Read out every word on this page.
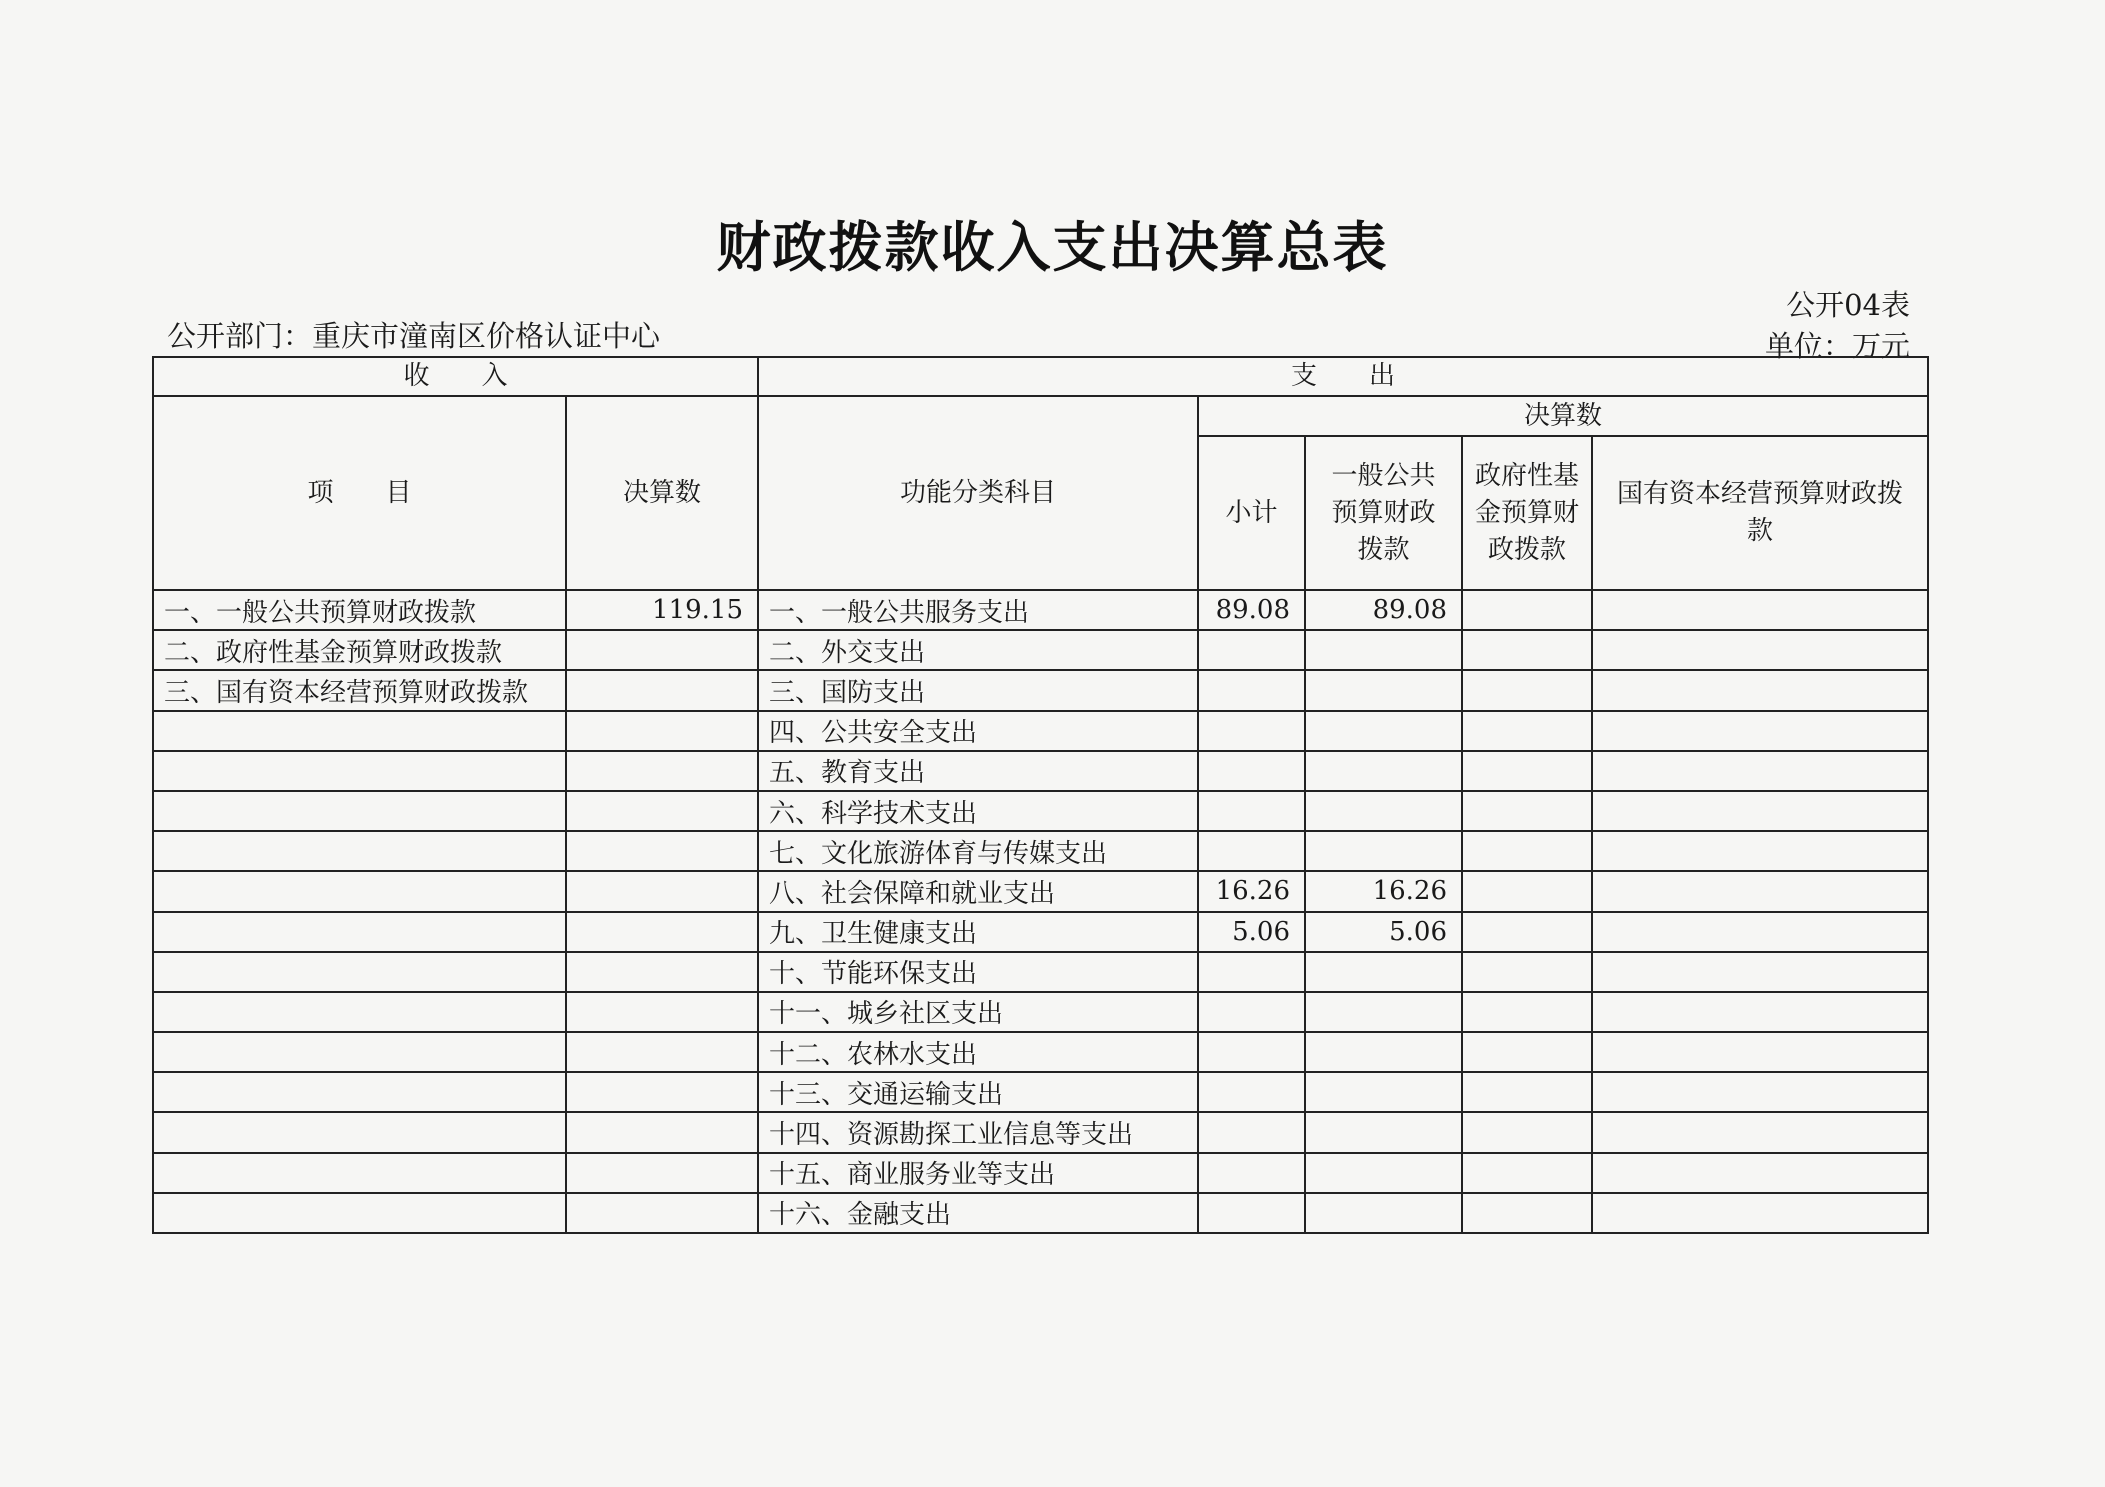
财政拨款收入支出决算总表
公开04表
单位：万元
公开部门：重庆市潼南区价格认证中心
收　　入		支　　出				
项　　目	决算数	功能分类科目	决算数			
			小计	一般公共预算财政拨款	政府性基金预算财政拨款	国有资本经营预算财政拨款
一、一般公共预算财政拨款	119.15	一、一般公共服务支出	89.08	89.08		
二、政府性基金预算财政拨款		二、外交支出				
三、国有资本经营预算财政拨款		三、国防支出				
		四、公共安全支出				
		五、教育支出				
		六、科学技术支出				
		七、文化旅游体育与传媒支出				
		八、社会保障和就业支出	16.26	16.26		
		九、卫生健康支出	5.06	5.06		
		十、节能环保支出				
		十一、城乡社区支出				
		十二、农林水支出				
		十三、交通运输支出				
		十四、资源勘探工业信息等支出				
		十五、商业服务业等支出				
		十六、金融支出				
